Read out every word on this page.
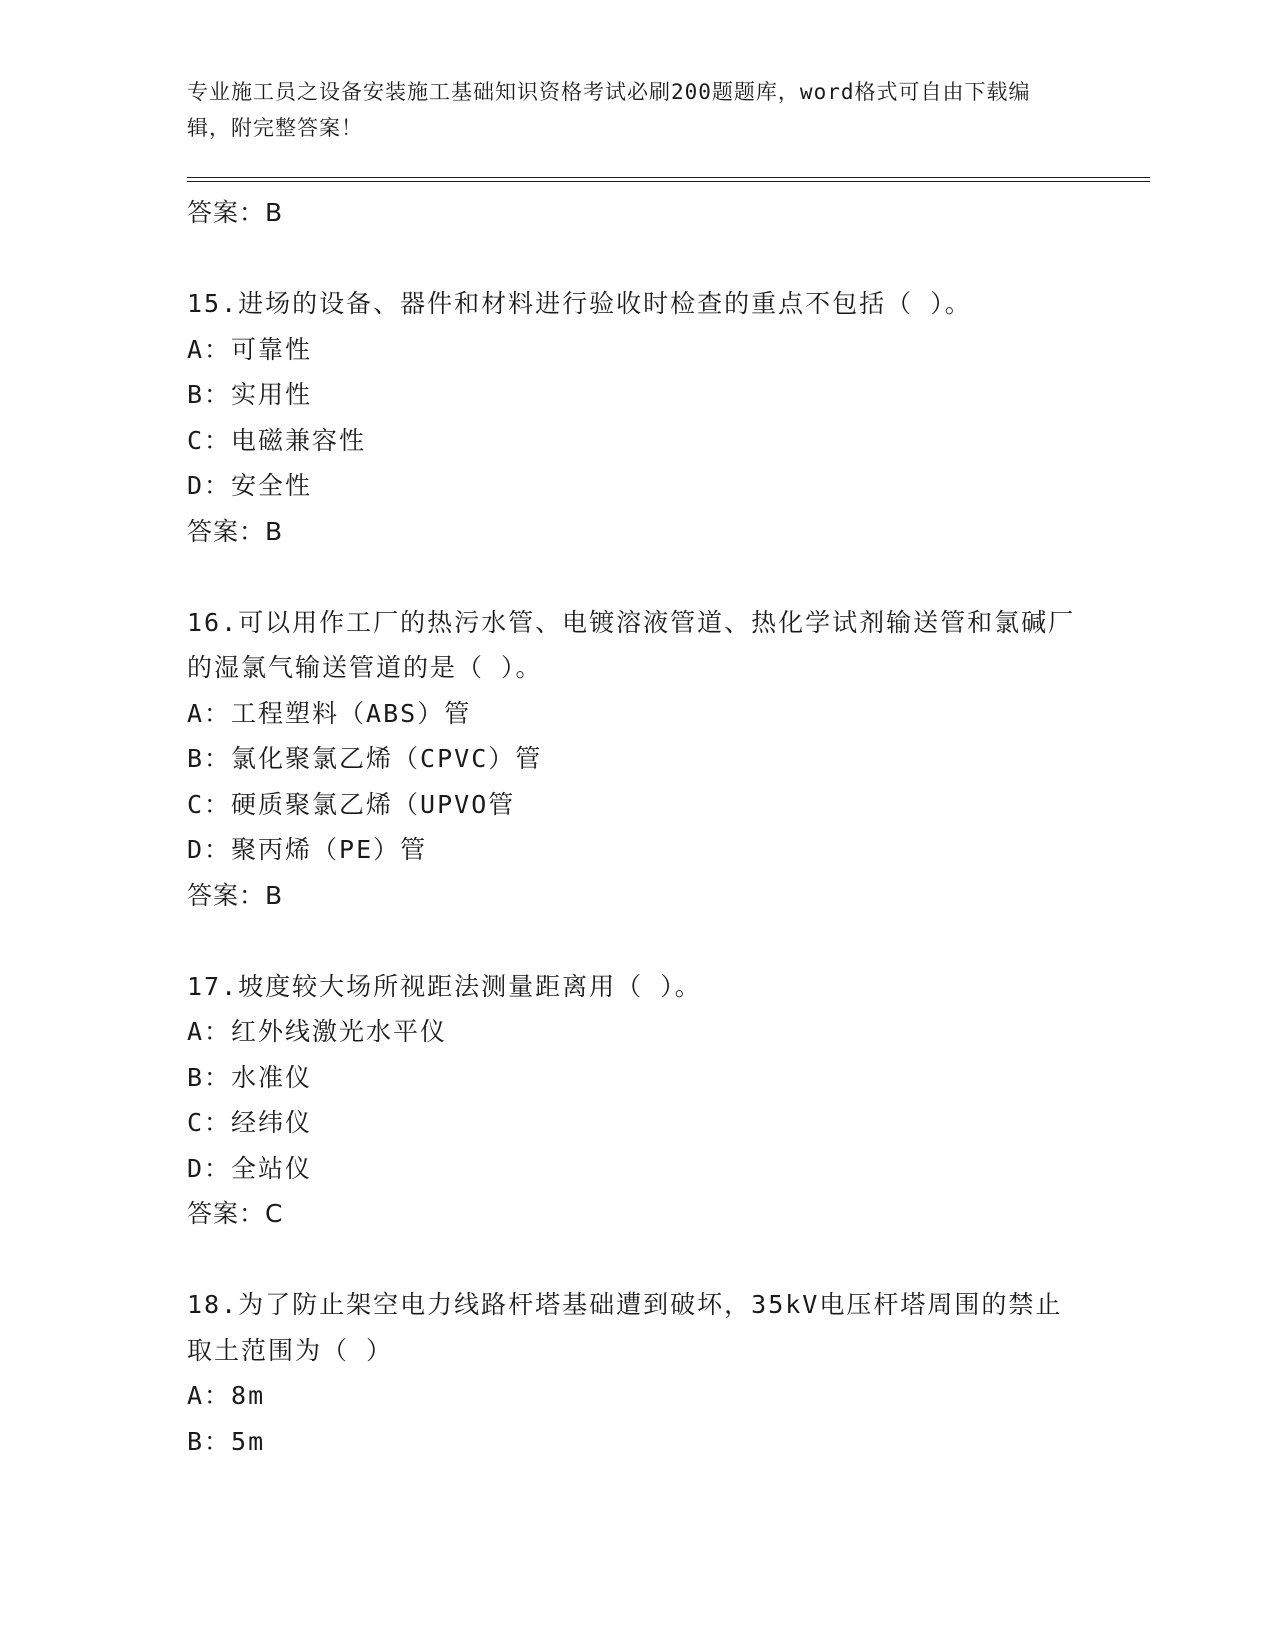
专业施工员之设备安装施工基础知识资格考试必刷200题题库，word格式可自由下载编辑，附完整答案！
答案：B
15.进场的设备、器件和材料进行验收时检查的重点不包括（ ）。
A：可靠性
B：实用性
C：电磁兼容性
D：安全性
答案：B
16.可以用作工厂的热污水管、电镀溶液管道、热化学试剂输送管和氯碱厂的湿氯气输送管道的是（ ）。
A：工程塑料（ABS）管
B：氯化聚氯乙烯（CPVC）管
C：硬质聚氯乙烯（UPVO管
D：聚丙烯（PE）管
答案：B
17.坡度较大场所视距法测量距离用（ ）。
A：红外线激光水平仪
B：水准仪
C：经纬仪
D：全站仪
答案：C
18.为了防止架空电力线路杆塔基础遭到破坏，35kV电压杆塔周围的禁止取土范围为（ ）
A：8m
B：5m
